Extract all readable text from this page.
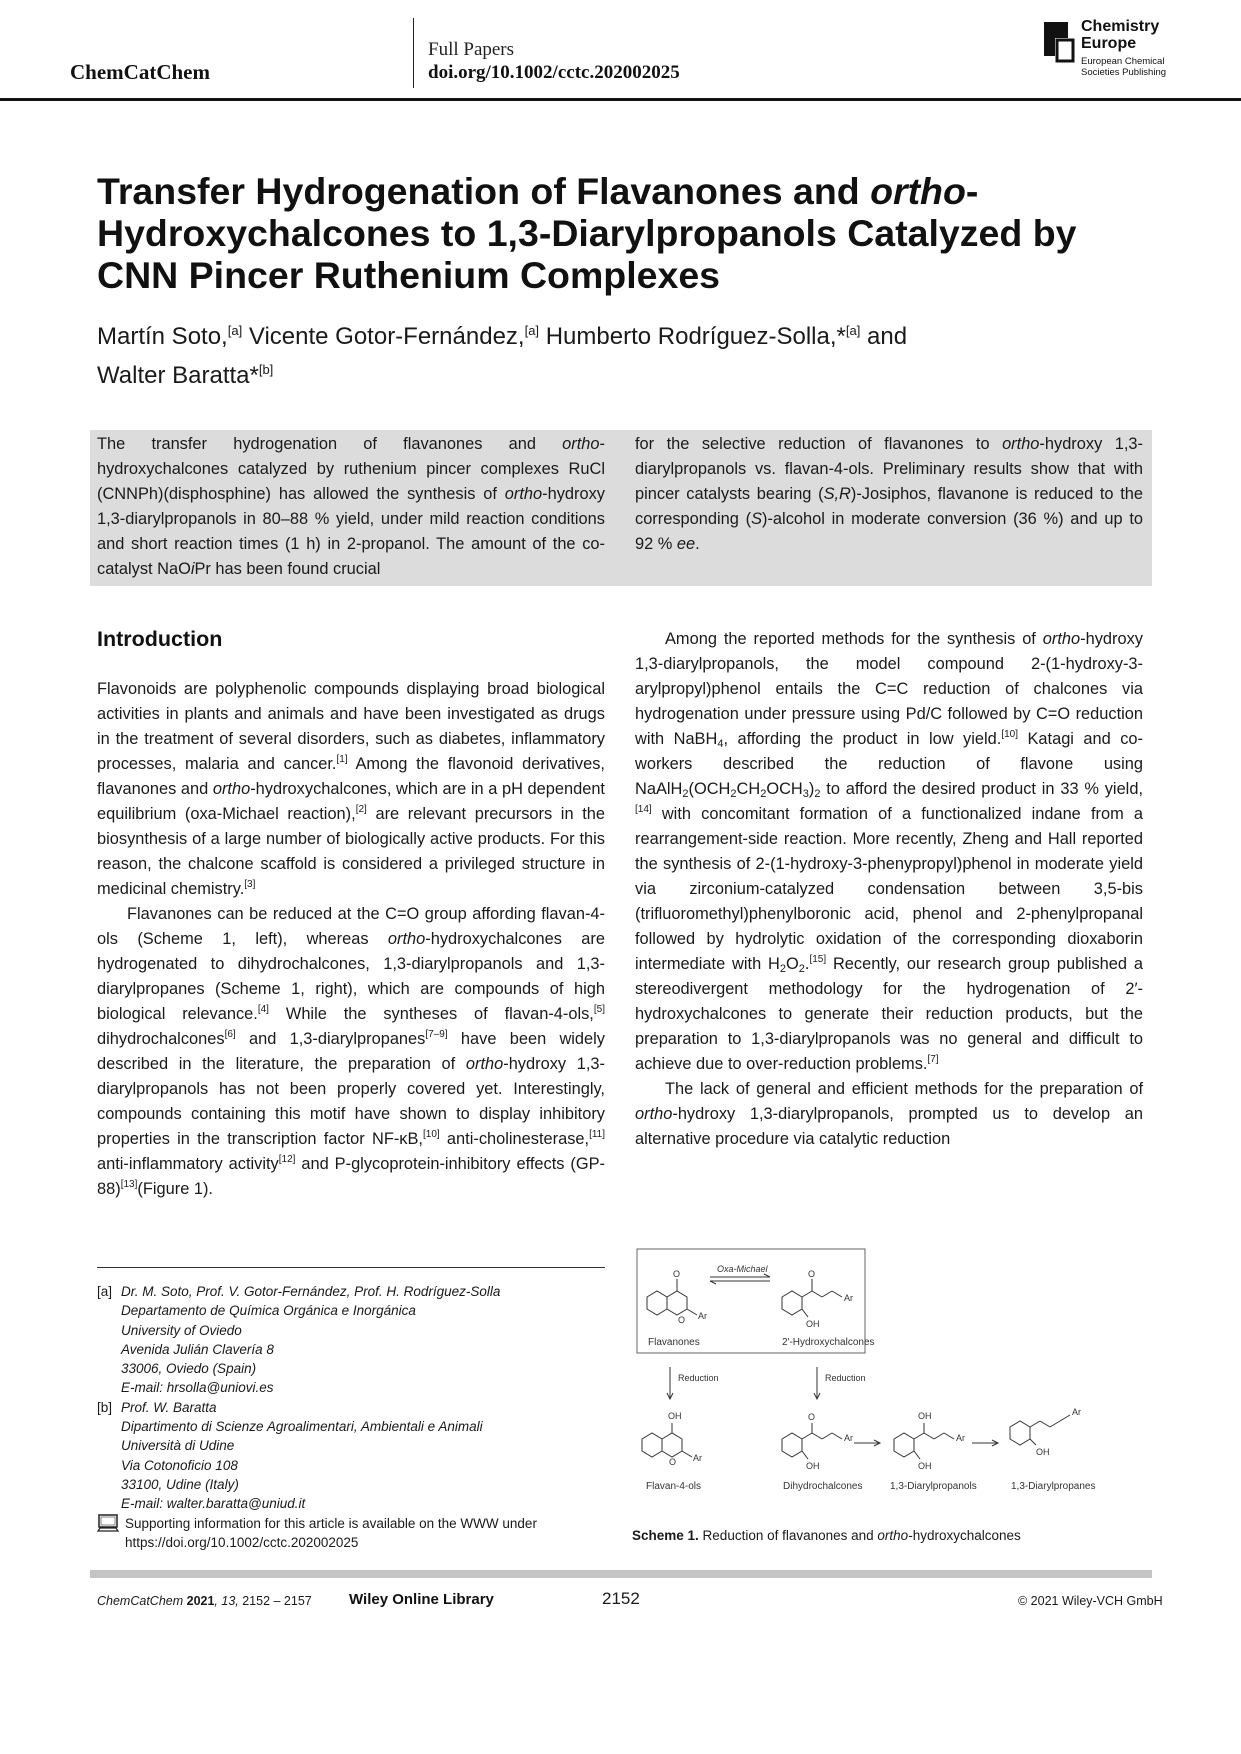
ChemCatChem
Full Papers
doi.org/10.1002/cctc.202002025
Chemistry
Europe
European Chemical
Societies Publishing
Transfer Hydrogenation of Flavanones and ortho-Hydroxychalcones to 1,3-Diarylpropanols Catalyzed by CNN Pincer Ruthenium Complexes
Martín Soto,[a] Vicente Gotor-Fernández,[a] Humberto Rodríguez-Solla,*[a] and
Walter Baratta*[b]
The transfer hydrogenation of flavanones and ortho-hydroxychalcones catalyzed by ruthenium pincer complexes RuCl (CNNPh)(disphosphine) has allowed the synthesis of ortho-hydroxy 1,3-diarylpropanols in 80–88 % yield, under mild reaction conditions and short reaction times (1 h) in 2-propanol. The amount of the co-catalyst NaOiPr has been found crucial
for the selective reduction of flavanones to ortho-hydroxy 1,3-diarylpropanols vs. flavan-4-ols. Preliminary results show that with pincer catalysts bearing (S,R)-Josiphos, flavanone is reduced to the corresponding (S)-alcohol in moderate conversion (36 %) and up to 92 % ee.
Introduction

Flavonoids are polyphenolic compounds displaying broad biological activities in plants and animals and have been investigated as drugs in the treatment of several disorders, such as diabetes, inflammatory processes, malaria and cancer.[1] Among the flavonoid derivatives, flavanones and ortho-hydroxychalcones, which are in a pH dependent equilibrium (oxa-Michael reaction),[2] are relevant precursors in the biosynthesis of a large number of biologically active products. For this reason, the chalcone scaffold is considered a privileged structure in medicinal chemistry.[3]

Flavanones can be reduced at the C=O group affording flavan-4-ols (Scheme 1, left), whereas ortho-hydroxychalcones are hydrogenated to dihydrochalcones, 1,3-diarylpropanols and 1,3-diarylpropanes (Scheme 1, right), which are compounds of high biological relevance.[4] While the syntheses of flavan-4-ols,[5] dihydrochalcones[6] and 1,3-diarylpropanes[7–9] have been widely described in the literature, the preparation of ortho-hydroxy 1,3-diarylpropanols has not been properly covered yet. Interestingly, compounds containing this motif have shown to display inhibitory properties in the transcription factor NF-κB,[10] anti-cholinesterase,[11] anti-inflammatory activity[12] and P-glycoprotein-inhibitory effects (GP-88)[13](Figure 1).

Among the reported methods for the synthesis of ortho-hydroxy 1,3-diarylpropanols, the model compound 2-(1-hydroxy-3-arylpropyl)phenol entails the C=C reduction of chalcones via hydrogenation under pressure using Pd/C followed by C=O reduction with NaBH$_4$, affording the product in low yield.[10] Katagi and co-workers described the reduction of flavone using $NaAlH_2(OCH_2CH_2OCH_3)_2$ to afford the desired product in 33 % yield,[14] with concomitant formation of a functionalized indane from a rearrangement-side reaction. More recently, Zheng and Hall reported the synthesis of 2-(1-hydroxy-3-phenypropyl)phenol in moderate yield via zirconium-catalyzed condensation between 3,5-bis (trifluoromethyl)phenylboronic acid, phenol and 2-phenylpropanal followed by hydrolytic oxidation of the corresponding dioxaborin intermediate with $H_2O_2.[15]$ Recently, our research group published a stereodivergent methodology for the hydrogenation of 2′-hydroxychalcones to generate their reduction products, but the preparation to 1,3-diarylpropanols was no general and difficult to achieve due to over-reduction problems.[7]

The lack of general and efficient methods for the preparation of ortho-hydroxy 1,3-diarylpropanols, prompted us to develop an alternative procedure via catalytic reduction

[a] Dr. M. Soto, Prof. V. Gotor-Fernández, Prof. H. Rodríguez-Solla
Departamento de Química Orgánica e Inorgánica
University of Oviedo
Avenida Julián Clavería 8
33006, Oviedo (Spain)
E-mail: hrsolla@uniovi.es
[b] Prof. W. Baratta
Dipartimento di Scienze Agroalimentari, Ambientali e Animali
Università di Udine
Via Cotonoficio 108
33100, Udine (Italy)
E-mail: walter.baratta@uniud.it
Supporting information for this article is available on the WWW under
https://doi.org/10.1002/cctc.202002025
O
O Ar
Flavanones
Oxa-Michael	O
Ar
OH
2'-Hydroxychalcones
Reduction	Reduction
OH
O Ar
Flavan-4-ols
O
Ar
OH
Dihydrochalcones
OH
Ar
OH
1,3-Diarylpropanols
Ar
OH
1,3-Diarylpropanes
Scheme 1. Reduction of flavanones and ortho-hydroxychalcones
ChemCatChem 2021, 13, 2152 – 2157 Wiley Online Library	2152	© 2021 Wiley-VCH GmbH
